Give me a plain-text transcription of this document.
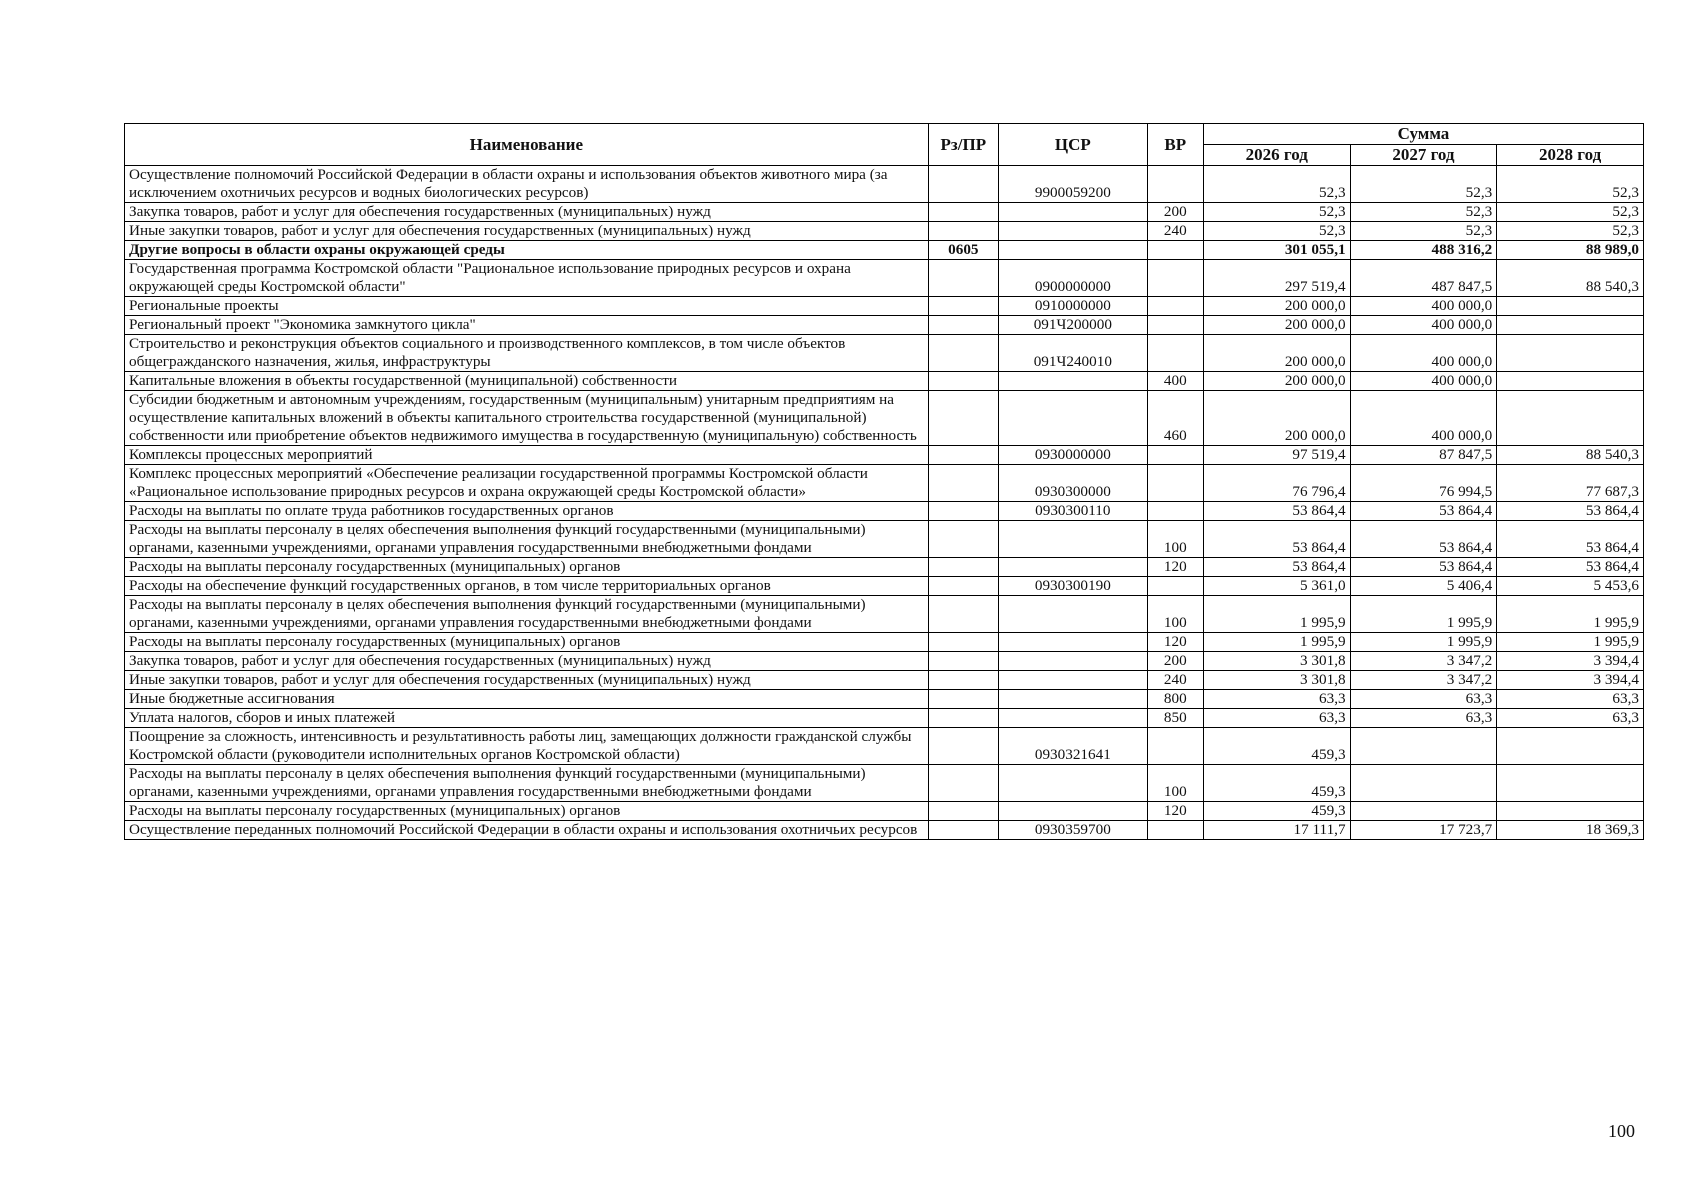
Наименование	Рз/ПР	ЦСР	ВР	Сумма		
				2026 год	2027 год	2028 год
Осуществление полномочий Российской Федерации в области охраны и использования объектов животного мира (за исключением охотничьих ресурсов и водных биологических ресурсов)		9900059200		52,3	52,3	52,3
Закупка товаров, работ и услуг для обеспечения государственных (муниципальных) нужд			200	52,3	52,3	52,3
Иные закупки товаров, работ и услуг для обеспечения государственных (муниципальных) нужд			240	52,3	52,3	52,3
Другие вопросы в области охраны окружающей среды	0605			301 055,1	488 316,2	88 989,0
Государственная программа Костромской области "Рациональное использование природных ресурсов и охрана окружающей среды Костромской области"		0900000000		297 519,4	487 847,5	88 540,3
Региональные проекты		0910000000		200 000,0	400 000,0	
Региональный проект "Экономика замкнутого цикла"		091Ч200000		200 000,0	400 000,0	
Строительство и реконструкция объектов социального и производственного комплексов, в том числе объектов общегражданского назначения, жилья, инфраструктуры		091Ч240010		200 000,0	400 000,0	
Капитальные вложения в объекты государственной (муниципальной) собственности			400	200 000,0	400 000,0	
Субсидии бюджетным и автономным учреждениям, государственным (муниципальным) унитарным предприятиям на осуществление капитальных вложений в объекты капитального строительства государственной (муниципальной) собственности или приобретение объектов недвижимого имущества в государственную (муниципальную) собственность			460	200 000,0	400 000,0	
Комплексы процессных мероприятий		0930000000		97 519,4	87 847,5	88 540,3
Комплекс процессных мероприятий «Обеспечение реализации государственной программы Костромской области «Рациональное использование природных ресурсов и охрана окружающей среды Костромской области»		0930300000		76 796,4	76 994,5	77 687,3
Расходы на выплаты по оплате труда работников государственных органов		0930300110		53 864,4	53 864,4	53 864,4
Расходы на выплаты персоналу в целях обеспечения выполнения функций государственными (муниципальными) органами, казенными учреждениями, органами управления государственными внебюджетными фондами			100	53 864,4	53 864,4	53 864,4
Расходы на выплаты персоналу государственных (муниципальных) органов			120	53 864,4	53 864,4	53 864,4
Расходы на обеспечение функций государственных органов, в том числе территориальных органов		0930300190		5 361,0	5 406,4	5 453,6
Расходы на выплаты персоналу в целях обеспечения выполнения функций государственными (муниципальными) органами, казенными учреждениями, органами управления государственными внебюджетными фондами			100	1 995,9	1 995,9	1 995,9
Расходы на выплаты персоналу государственных (муниципальных) органов			120	1 995,9	1 995,9	1 995,9
Закупка товаров, работ и услуг для обеспечения государственных (муниципальных) нужд			200	3 301,8	3 347,2	3 394,4
Иные закупки товаров, работ и услуг для обеспечения государственных (муниципальных) нужд			240	3 301,8	3 347,2	3 394,4
Иные бюджетные ассигнования			800	63,3	63,3	63,3
Уплата налогов, сборов и иных платежей			850	63,3	63,3	63,3
Поощрение за сложность, интенсивность и результативность работы лиц, замещающих должности гражданской службы Костромской области (руководители исполнительных органов Костромской области)		0930321641		459,3		
Расходы на выплаты персоналу в целях обеспечения выполнения функций государственными (муниципальными) органами, казенными учреждениями, органами управления государственными внебюджетными фондами			100	459,3		
Расходы на выплаты персоналу государственных (муниципальных) органов			120	459,3		
Осуществление переданных полномочий Российской Федерации в области охраны и использования охотничьих ресурсов		0930359700		17 111,7	17 723,7	18 369,3
100
